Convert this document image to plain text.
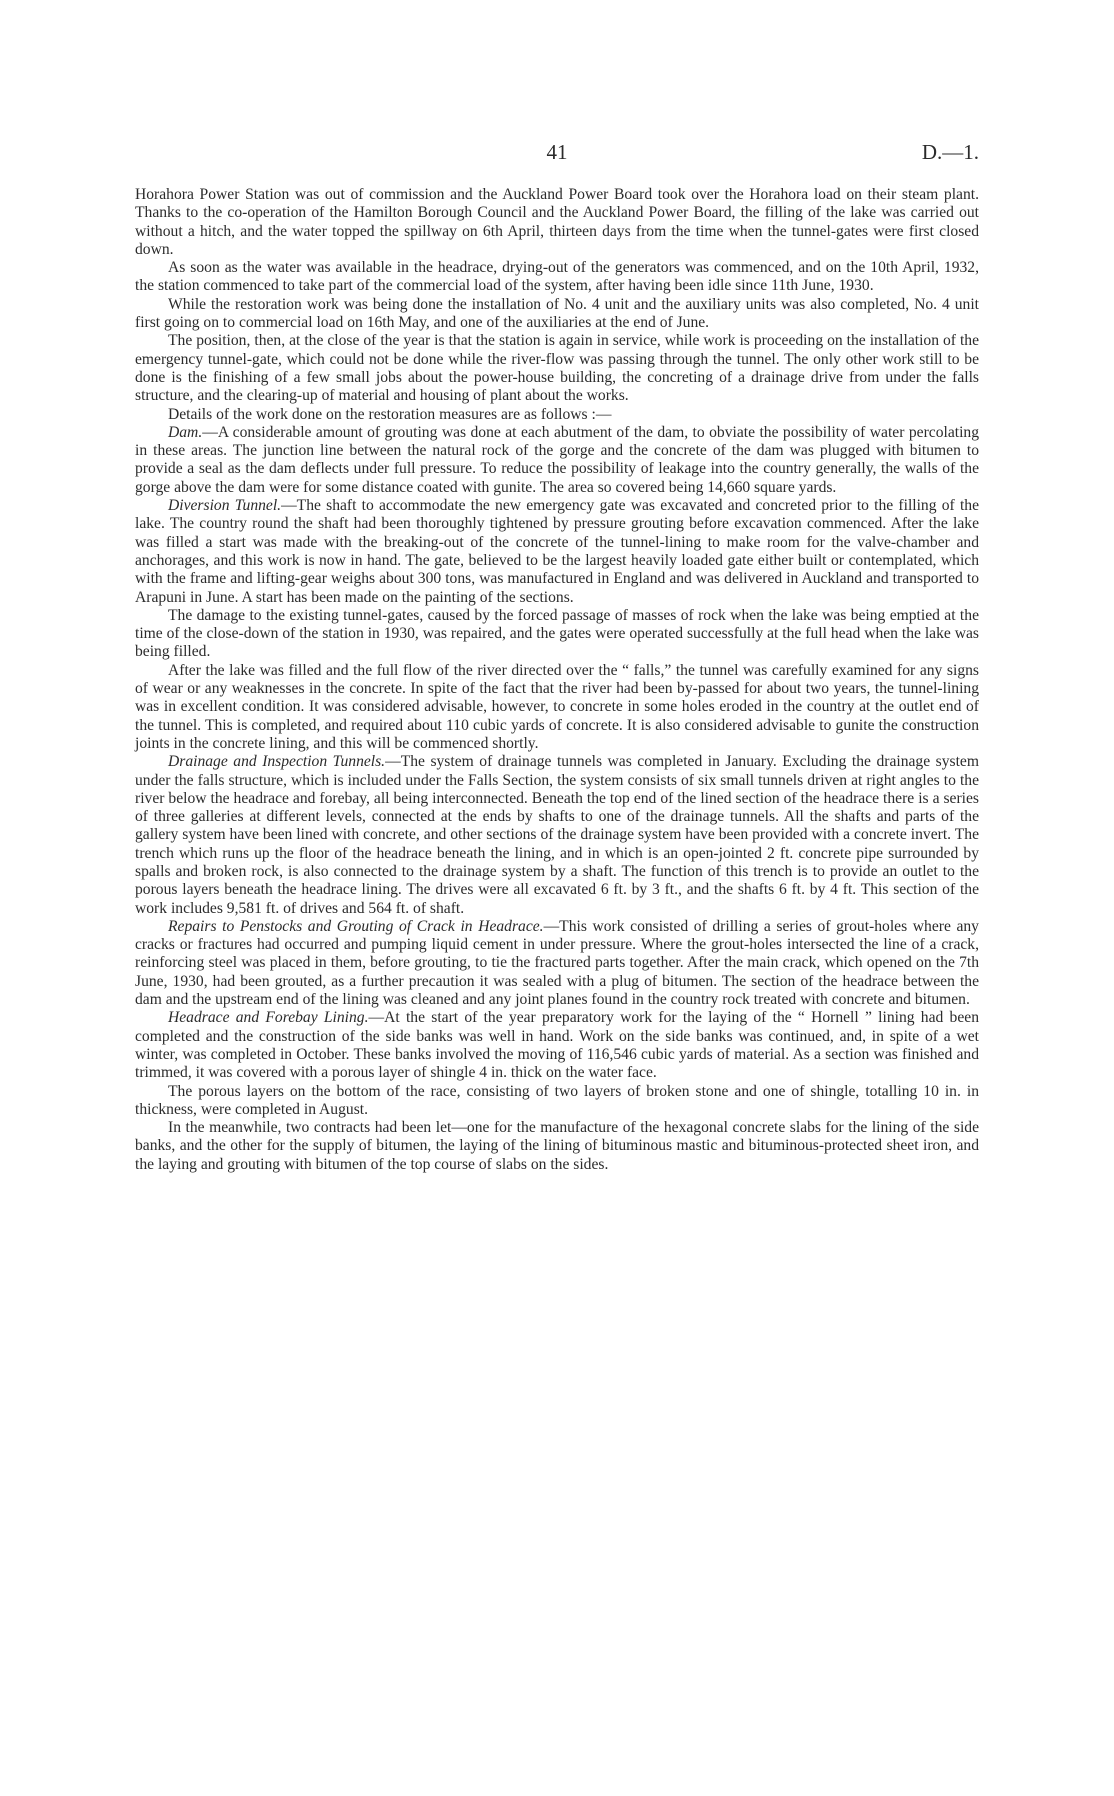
41	D.—1.

Horahora Power Station was out of commission and the Auckland Power Board took over the Horahora load on their steam plant. Thanks to the co-operation of the Hamilton Borough Council and the Auckland Power Board, the filling of the lake was carried out without a hitch, and the water topped the spillway on 6th April, thirteen days from the time when the tunnel-gates were first closed down.

As soon as the water was available in the headrace, drying-out of the generators was commenced, and on the 10th April, 1932, the station commenced to take part of the commercial load of the system, after having been idle since 11th June, 1930.

While the restoration work was being done the installation of No. 4 unit and the auxiliary units was also completed, No. 4 unit first going on to commercial load on 16th May, and one of the auxiliaries at the end of June.

The position, then, at the close of the year is that the station is again in service, while work is proceeding on the installation of the emergency tunnel-gate, which could not be done while the river-flow was passing through the tunnel. The only other work still to be done is the finishing of a few small jobs about the power-house building, the concreting of a drainage drive from under the falls structure, and the clearing-up of material and housing of plant about the works.

Details of the work done on the restoration measures are as follows :—

Dam.—A considerable amount of grouting was done at each abutment of the dam, to obviate the possibility of water percolating in these areas. The junction line between the natural rock of the gorge and the concrete of the dam was plugged with bitumen to provide a seal as the dam deflects under full pressure. To reduce the possibility of leakage into the country generally, the walls of the gorge above the dam were for some distance coated with gunite. The area so covered being 14,660 square yards.

Diversion Tunnel.—The shaft to accommodate the new emergency gate was excavated and concreted prior to the filling of the lake. The country round the shaft had been thoroughly tightened by pressure grouting before excavation commenced. After the lake was filled a start was made with the breaking-out of the concrete of the tunnel-lining to make room for the valve-chamber and anchorages, and this work is now in hand. The gate, believed to be the largest heavily loaded gate either built or contemplated, which with the frame and lifting-gear weighs about 300 tons, was manufactured in England and was delivered in Auckland and transported to Arapuni in June. A start has been made on the painting of the sections.

The damage to the existing tunnel-gates, caused by the forced passage of masses of rock when the lake was being emptied at the time of the close-down of the station in 1930, was repaired, and the gates were operated successfully at the full head when the lake was being filled.

After the lake was filled and the full flow of the river directed over the “ falls,” the tunnel was carefully examined for any signs of wear or any weaknesses in the concrete. In spite of the fact that the river had been by-passed for about two years, the tunnel-lining was in excellent condition. It was considered advisable, however, to concrete in some holes eroded in the country at the outlet end of the tunnel. This is completed, and required about 110 cubic yards of concrete. It is also considered advisable to gunite the construction joints in the concrete lining, and this will be commenced shortly.

Drainage and Inspection Tunnels.—The system of drainage tunnels was completed in January. Excluding the drainage system under the falls structure, which is included under the Falls Section, the system consists of six small tunnels driven at right angles to the river below the headrace and forebay, all being interconnected. Beneath the top end of the lined section of the headrace there is a series of three galleries at different levels, connected at the ends by shafts to one of the drainage tunnels. All the shafts and parts of the gallery system have been lined with concrete, and other sections of the drainage system have been provided with a concrete invert. The trench which runs up the floor of the headrace beneath the lining, and in which is an open-jointed 2 ft. concrete pipe surrounded by spalls and broken rock, is also connected to the drainage system by a shaft. The function of this trench is to provide an outlet to the porous layers beneath the headrace lining. The drives were all excavated 6 ft. by 3 ft., and the shafts 6 ft. by 4 ft. This section of the work includes 9,581 ft. of drives and 564 ft. of shaft.

Repairs to Penstocks and Grouting of Crack in Headrace.—This work consisted of drilling a series of grout-holes where any cracks or fractures had occurred and pumping liquid cement in under pressure. Where the grout-holes intersected the line of a crack, reinforcing steel was placed in them, before grouting, to tie the fractured parts together. After the main crack, which opened on the 7th June, 1930, had been grouted, as a further precaution it was sealed with a plug of bitumen. The section of the headrace between the dam and the upstream end of the lining was cleaned and any joint planes found in the country rock treated with concrete and bitumen.

Headrace and Forebay Lining.—At the start of the year preparatory work for the laying of the “ Hornell ” lining had been completed and the construction of the side banks was well in hand. Work on the side banks was continued, and, in spite of a wet winter, was completed in October. These banks involved the moving of 116,546 cubic yards of material. As a section was finished and trimmed, it was covered with a porous layer of shingle 4 in. thick on the water face.

The porous layers on the bottom of the race, consisting of two layers of broken stone and one of shingle, totalling 10 in. in thickness, were completed in August.

In the meanwhile, two contracts had been let—one for the manufacture of the hexagonal concrete slabs for the lining of the side banks, and the other for the supply of bitumen, the laying of the lining of bituminous mastic and bituminous-protected sheet iron, and the laying and grouting with bitumen of the top course of slabs on the sides.
